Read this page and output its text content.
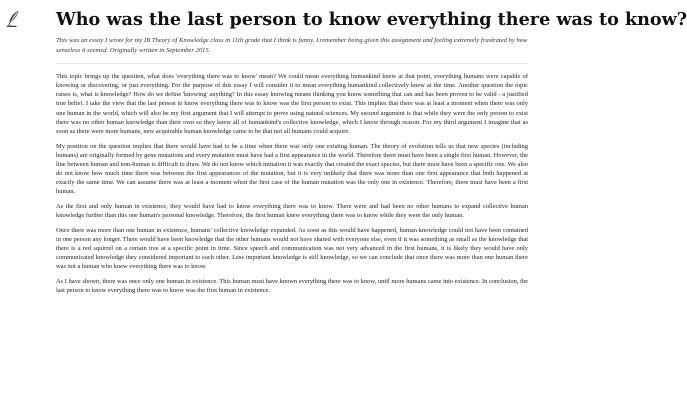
Who was the last person to know everything there was to know?

This was an essay I wrote for my IB Theory of Knowledge class in 11th grade that I think is funny. I remember being given this assignment and feeling extremely frustrated by how senseless it seemed. Originally written in September 2015.

This topic brings up the question, what does 'everything there was to know' mean? We could mean everything humankind knew at that point, everything humans were capable of knowing or discovering, or just everything. For the purpose of this essay I will consider it to mean everything humankind collectively knew at the time. Another question the topic raises is, what is knowledge? How do we define 'knowing' anything? In this essay knowing means thinking you know something that can and has been proven to be valid - a justified true belief. I take the view that the last person to know everything there was to know was the first person to exist. This implies that there was at least a moment when there was only one human in the world, which will also be my first argument that I will attempt to prove using natural sciences. My second argument is that while they were the only person to exist there was no other human knowledge than their own so they knew all of humankind's collective knowledge, which I know through reason. For my third argument I imagine that as soon as there were more humans, new acquirable human knowledge came to be that not all humans could acquire.

My position on the question implies that there would have had to be a time when there was only one existing human. The theory of evolution tells us that new species (including humans) are originally formed by gene mutations and every mutation must have had a first appearance in the world. Therefore there must have been a single first human. However, the line between human and non-human is difficult to draw. We do not know which mutation it was exactly that created the exact species, but there must have been a specific one. We also do not know how much time there was between the first appearances of the mutation, but it is very unlikely that there was more than one first appearance that both happened at exactly the same time. We can assume there was at least a moment when the first case of the human mutation was the only one in existence. Therefore, there must have been a first human.

As the first and only human in existence, they would have had to know everything there was to know. There were and had been no other humans to expand collective human knowledge further than this one human's personal knowledge. Therefore, the first human knew everything there was to know while they were the only human.

Once there was more than one human in existence, humans' collective knowledge expanded. As soon as this would have happened, human knowledge could not have been contained in one person any longer. There would have been knowledge that the other humans would not have shared with everyone else, even if it was something as small as the knowledge that there is a red squirrel on a certain tree at a specific point in time. Since speech and communication was not very advanced in the first humans, it is likely they would have only communicated knowledge they considered important to each other. Less important knowledge is still knowledge, so we can conclude that once there was more than one human there was not a human who knew everything there was to know.

As I have shown, there was once only one human in existence. This human must have known everything there was to know, until more humans came into existence. In conclusion, the last person to know everything there was to know was the first human in existence.
